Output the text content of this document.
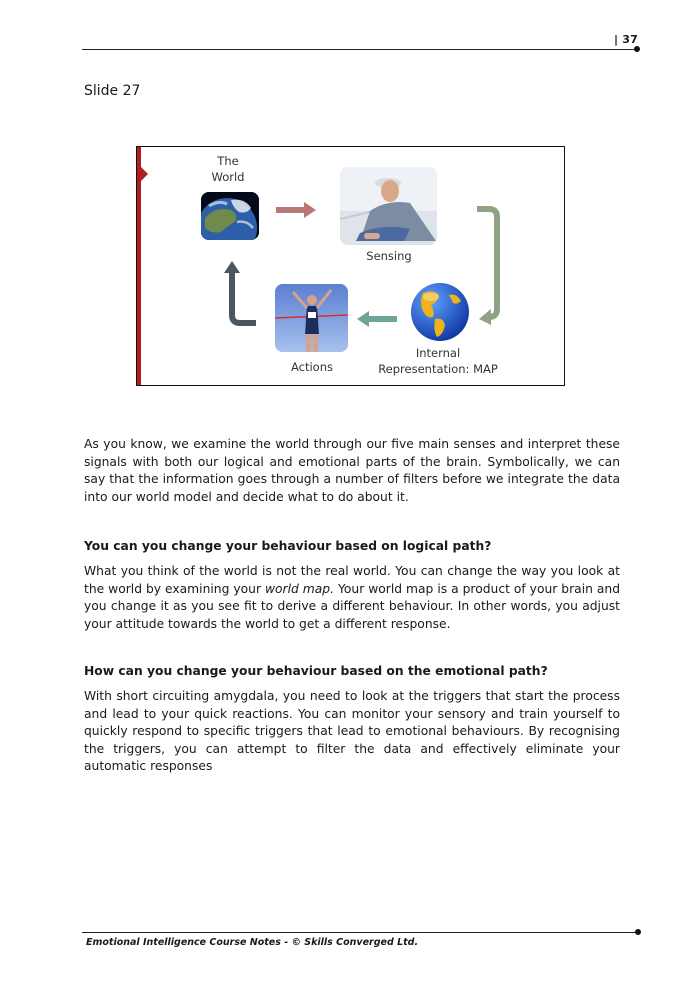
| 37
Slide 27
The
World
Sensing
Internal
Representation: MAP
Actions
As you know, we examine the world through our five main senses and interpret these signals with both our logical and emotional parts of the brain. Symbolically, we can say that the information goes through a number of filters before we integrate the data into our world model and decide what to do about it.
You can you change your behaviour based on logical path?
What you think of the world is not the real world. You can change the way you look at the world by examining your world map. Your world map is a product of your brain and you change it as you see fit to derive a different behaviour. In other words, you adjust your attitude towards the world to get a different response.
How can you change your behaviour based on the emotional path?
With short circuiting amygdala, you need to look at the triggers that start the process and lead to your quick reactions. You can monitor your sensory and train yourself to quickly respond to specific triggers that lead to emotional behaviours. By recognising the triggers, you can attempt to filter the data and effectively eliminate your automatic responses
Emotional Intelligence Course Notes - © Skills Converged Ltd.
